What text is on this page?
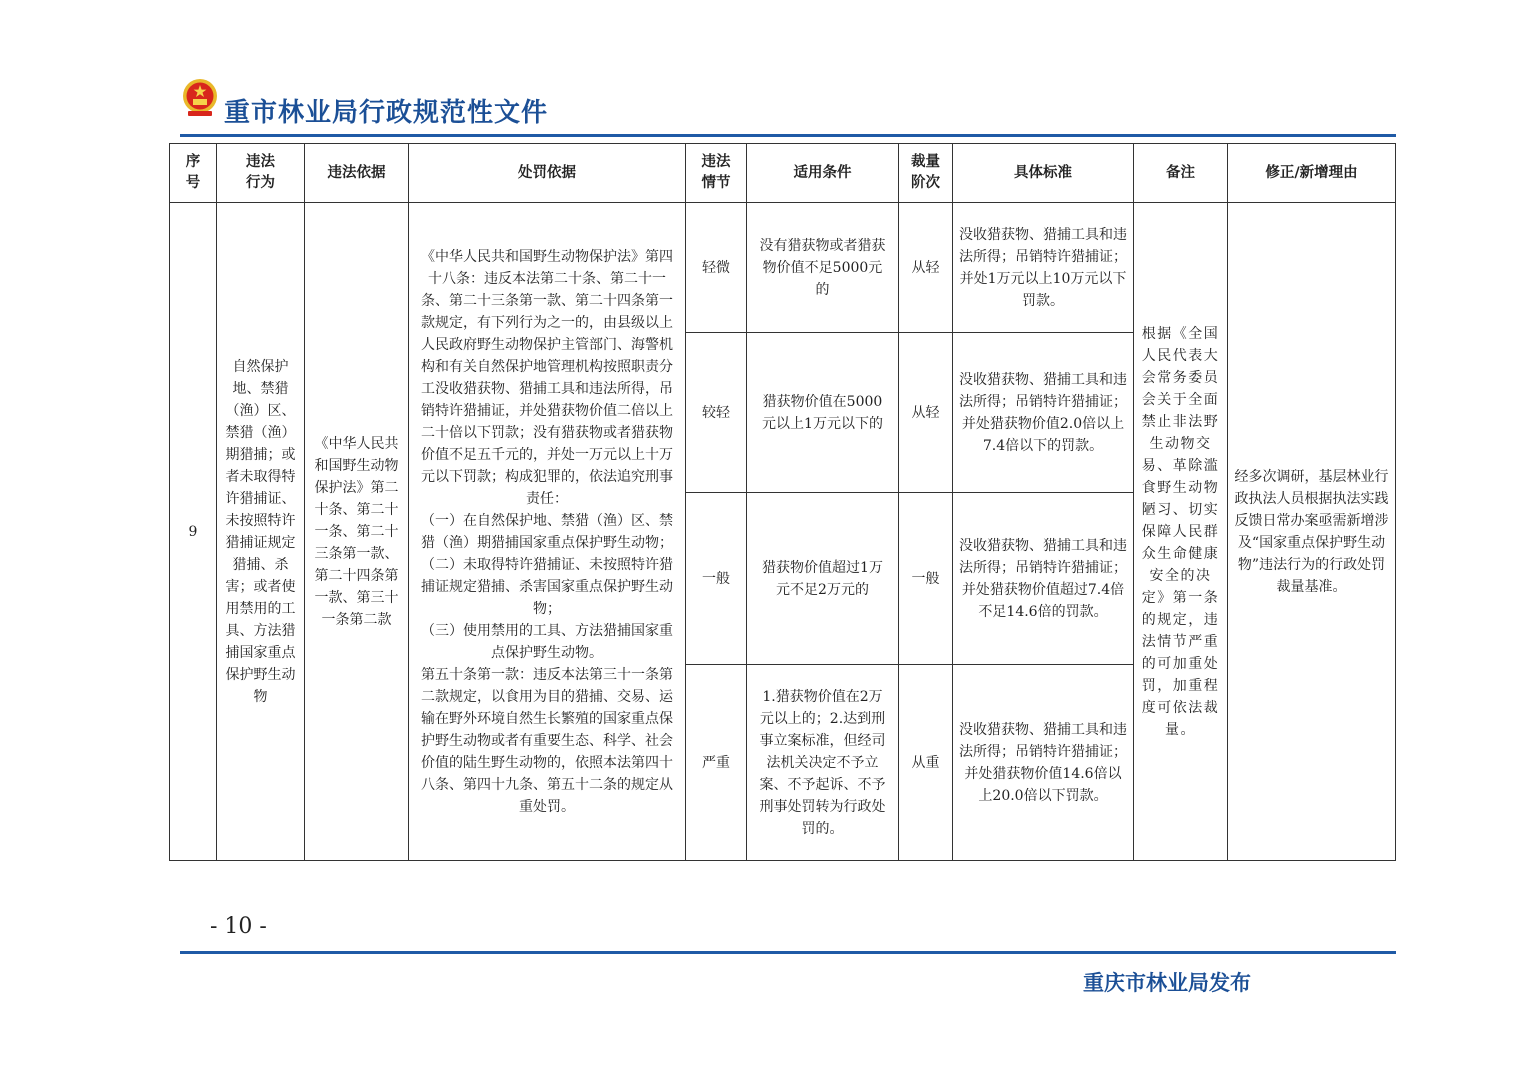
重市林业局行政规范性文件
序号	违法行为	违法依据	处罚依据	违法情节	适用条件	裁量阶次	具体标准	备注	修正/新增理由
9	自然保护地、禁猎（渔）区、禁猎（渔）期猎捕；或者未取得特许猎捕证、未按照特许猎捕证规定猎捕、杀害；或者使用禁用的工具、方法猎捕国家重点保护野生动物	《中华人民共和国野生动物保护法》第二十条、第二十一条、第二十三条第一款、第二十四条第一款、第三十一条第二款	《中华人民共和国野生动物保护法》第四十八条：违反本法第二十条、第二十一条、第二十三条第一款、第二十四条第一款规定，有下列行为之一的，由县级以上人民政府野生动物保护主管部门、海警机构和有关自然保护地管理机构按照职责分工没收猎获物、猎捕工具和违法所得，吊销特许猎捕证，并处猎获物价值二倍以上二十倍以下罚款；没有猎获物或者猎获物价值不足五千元的，并处一万元以上十万元以下罚款；构成犯罪的，依法追究刑事责任：
（一）在自然保护地、禁猎（渔）区、禁猎（渔）期猎捕国家重点保护野生动物；
（二）未取得特许猎捕证、未按照特许猎捕证规定猎捕、杀害国家重点保护野生动物；
（三）使用禁用的工具、方法猎捕国家重点保护野生动物。
第五十条第一款：违反本法第三十一条第二款规定，以食用为目的猎捕、交易、运输在野外环境自然生长繁殖的国家重点保护野生动物或者有重要生态、科学、社会价值的陆生野生动物的，依照本法第四十八条、第四十九条、第五十二条的规定从重处罚。	轻微	没有猎获物或者猎获物价值不足5000元的	从轻	没收猎获物、猎捕工具和违法所得；吊销特许猎捕证；并处1万元以上10万元以下罚款。	根据《全国人民代表大会常务委员会关于全面禁止非法野生动物交易、革除滥食野生动物陋习、切实保障人民群众生命健康安全的决定》第一条的规定，违法情节严重的可加重处罚，加重程度可依法裁量。	经多次调研，基层林业行政执法人员根据执法实践反馈日常办案亟需新增涉及“国家重点保护野生动物”违法行为的行政处罚裁量基准。
				较轻	猎获物价值在5000元以上1万元以下的	从轻	没收猎获物、猎捕工具和违法所得；吊销特许猎捕证；并处猎获物价值2.0倍以上7.4倍以下的罚款。		
				一般	猎获物价值超过1万元不足2万元的	一般	没收猎获物、猎捕工具和违法所得；吊销特许猎捕证；并处猎获物价值超过7.4倍不足14.6倍的罚款。		
				严重	1.猎获物价值在2万元以上的；2.达到刑事立案标准，但经司法机关决定不予立案、不予起诉、不予刑事处罚转为行政处罚的。	从重	没收猎获物、猎捕工具和违法所得；吊销特许猎捕证；并处猎获物价值14.6倍以上20.0倍以下罚款。		
- 10 -
重庆市林业局发布
